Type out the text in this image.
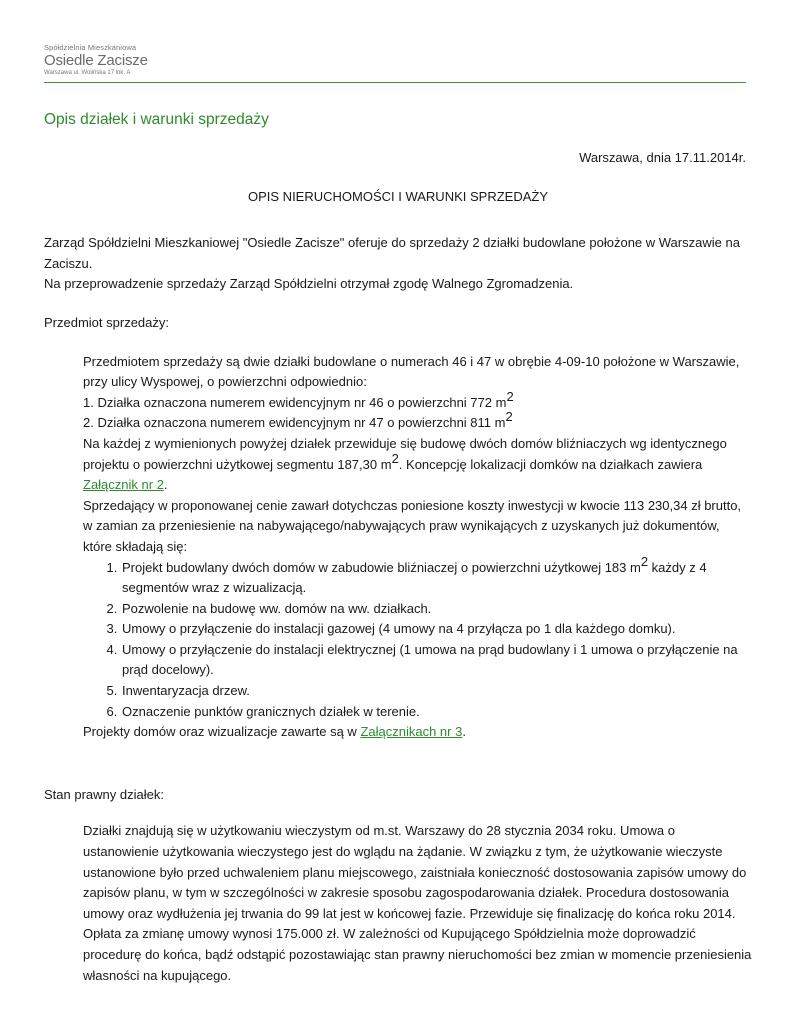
Spółdzielnia Mieszkaniowa
Osiedle Zacisze
Warszawa ul. Wolińska 17 lok. A
Opis działek i warunki sprzedaży
Warszawa, dnia 17.11.2014r.
OPIS NIERUCHOMOŚCI I WARUNKI SPRZEDAŻY

Zarząd Spółdzielni Mieszkaniowej "Osiedle Zacisze" oferuje do sprzedaży 2 działki budowlane położone w Warszawie na Zaciszu.

Na przeprowadzenie sprzedaży Zarząd Spółdzielni otrzymał zgodę Walnego Zgromadzenia.

Przedmiot sprzedaży:

Przedmiotem sprzedaży są dwie działki budowlane o numerach 46 i 47 w obrębie 4-09-10 położone w Warszawie, przy ulicy Wyspowej, o powierzchni odpowiednio:

1. Działka oznaczona numerem ewidencyjnym nr 46 o powierzchni 772 $m^2$

2. Działka oznaczona numerem ewidencyjnym nr 47 o powierzchni 811 $m^2$

Na każdej z wymienionych powyżej działek przewiduje się budowę dwóch domów bliźniaczych wg identycznego projektu o powierzchni użytkowej segmentu 187,30 $m^2$. Koncepcję lokalizacji domków na działkach zawiera Załącznik nr 2.

Sprzedający w proponowanej cenie zawarł dotychczas poniesione koszty inwestycji w kwocie 113 230,34 zł brutto, w zamian za przeniesienie na nabywającego/nabywających praw wynikających z uzyskanych już dokumentów, które składają się:

1. Projekt budowlany dwóch domów w zabudowie bliźniaczej o powierzchni użytkowej 183 $m^2$ każdy z 4 segmentów wraz z wizualizacją.
2. Pozwolenie na budowę ww. domów na ww. działkach.
3. Umowy o przyłączenie do instalacji gazowej (4 umowy na 4 przyłącza po 1 dla każdego domku).
4. Umowy o przyłączenie do instalacji elektrycznej (1 umowa na prąd budowlany i 1 umowa o przyłączenie na prąd docelowy).
5. Inwentaryzacja drzew.
6. Oznaczenie punktów granicznych działek w terenie.

Projekty domów oraz wizualizacje zawarte są w Załącznikach nr 3.

Stan prawny działek:

Działki znajdują się w użytkowaniu wieczystym od m.st. Warszawy do 28 stycznia 2034 roku. Umowa o ustanowienie użytkowania wieczystego jest do wglądu na żądanie. W związku z tym, że użytkowanie wieczyste ustanowione było przed uchwaleniem planu miejscowego, zaistniała konieczność dostosowania zapisów umowy do zapisów planu, w tym w szczególności w zakresie sposobu zagospodarowania działek. Procedura dostosowania umowy oraz wydłużenia jej trwania do 99 lat jest w końcowej fazie. Przewiduje się finalizację do końca roku 2014. Opłata za zmianę umowy wynosi 175.000 zł. W zależności od Kupującego Spółdzielnia może doprowadzić procedurę do końca, bądź odstąpić pozostawiając stan prawny nieruchomości bez zmian w momencie przeniesienia własności na kupującego.
